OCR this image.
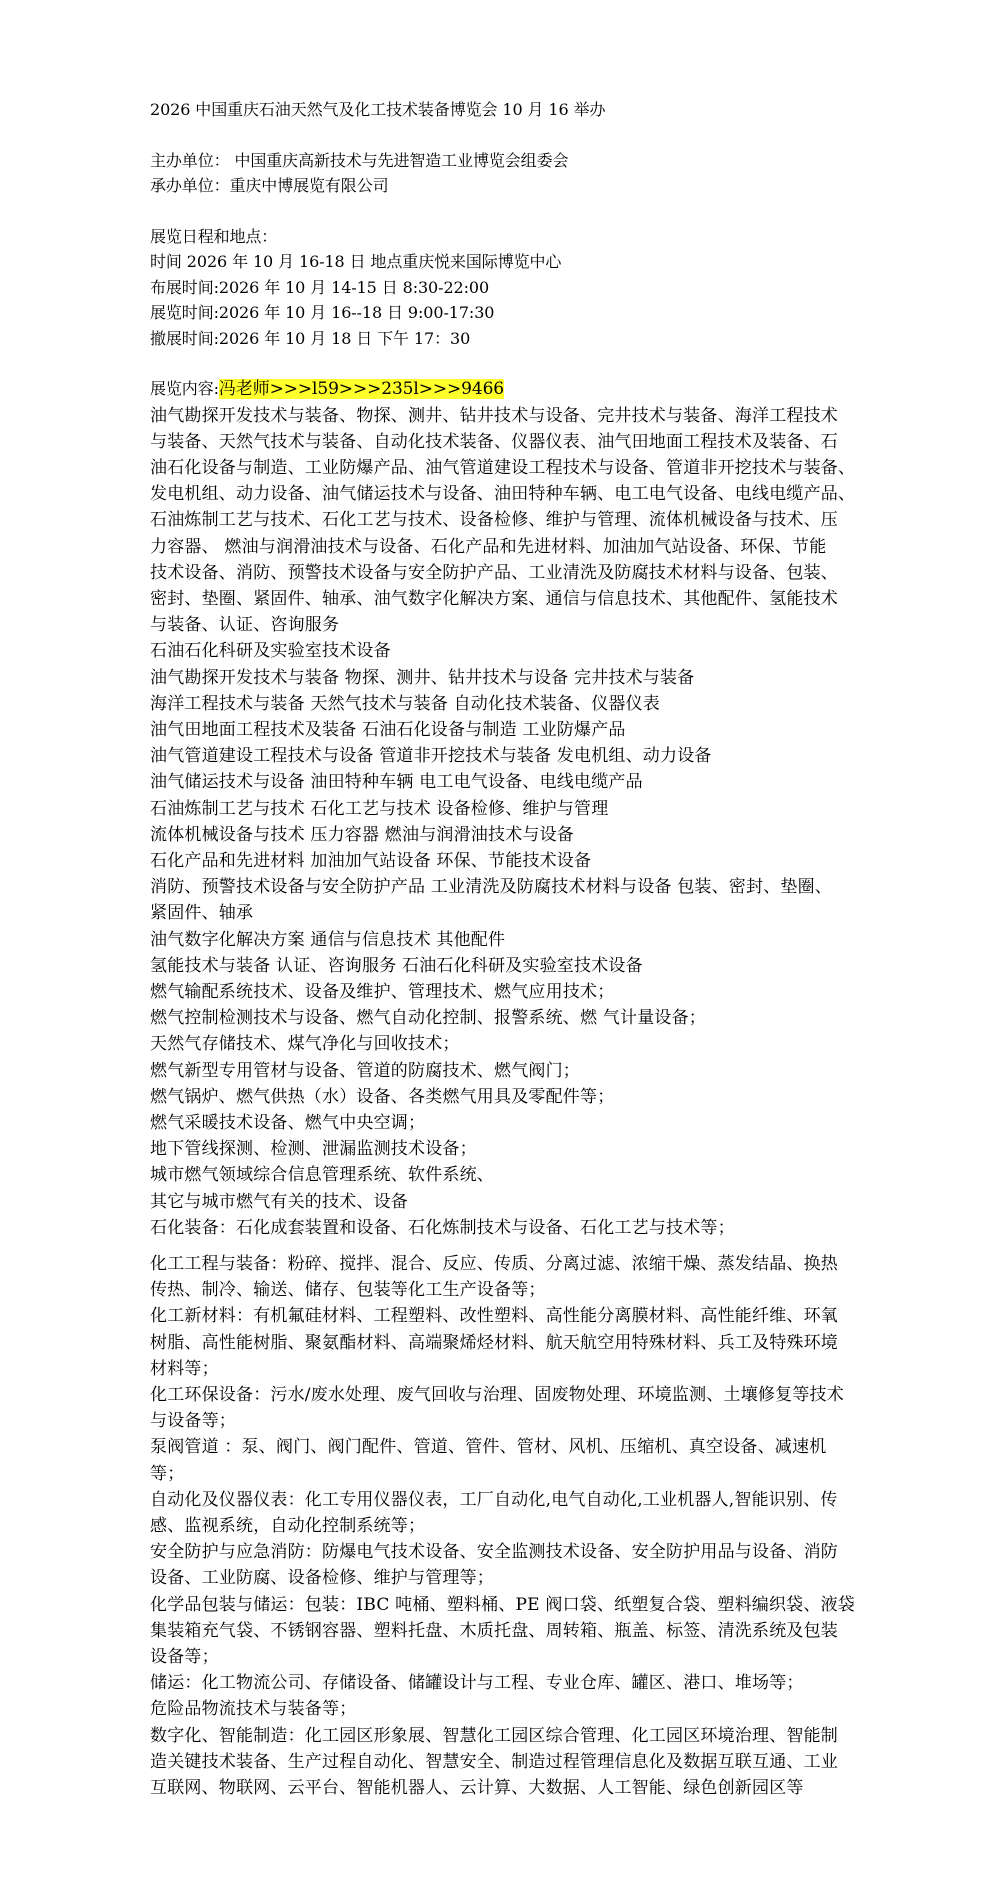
2026 中国重庆石油天然气及化工技术装备博览会 10 月 16 举办
主办单位： 中国重庆高新技术与先进智造工业博览会组委会
承办单位：重庆中博展览有限公司
展览日程和地点：
时间 2026 年 10 月 16-18 日 地点重庆悦来国际博览中心
布展时间:2026 年 10 月 14-15 日 8:30-22:00
展览时间:2026 年 10 月 16--18 日 9:00-17:30
撤展时间:2026 年 10 月 18 日 下午 17：30
展览内容:冯老师>>>l59>>>235l>>>9466
油气勘探开发技术与装备、物探、测井、钻井技术与设备、完井技术与装备、海洋工程技术
与装备、天然气技术与装备、自动化技术装备、仪器仪表、油气田地面工程技术及装备、石
油石化设备与制造、工业防爆产品、油气管道建设工程技术与设备、管道非开挖技术与装备、
发电机组、动力设备、油气储运技术与设备、油田特种车辆、电工电气设备、电线电缆产品、
石油炼制工艺与技术、石化工艺与技术、设备检修、维护与管理、流体机械设备与技术、压
力容器、 燃油与润滑油技术与设备、石化产品和先进材料、加油加气站设备、环保、节能
技术设备、消防、预警技术设备与安全防护产品、工业清洗及防腐技术材料与设备、包装、
密封、垫圈、紧固件、轴承、油气数字化解决方案、通信与信息技术、其他配件、氢能技术
与装备、认证、咨询服务
石油石化科研及实验室技术设备
油气勘探开发技术与装备 物探、测井、钻井技术与设备 完井技术与装备
海洋工程技术与装备 天然气技术与装备 自动化技术装备、仪器仪表
油气田地面工程技术及装备 石油石化设备与制造 工业防爆产品
油气管道建设工程技术与设备 管道非开挖技术与装备 发电机组、动力设备
油气储运技术与设备 油田特种车辆 电工电气设备、电线电缆产品
石油炼制工艺与技术 石化工艺与技术 设备检修、维护与管理
流体机械设备与技术 压力容器 燃油与润滑油技术与设备
石化产品和先进材料 加油加气站设备 环保、节能技术设备
消防、预警技术设备与安全防护产品 工业清洗及防腐技术材料与设备 包装、密封、垫圈、
紧固件、轴承
油气数字化解决方案 通信与信息技术 其他配件
氢能技术与装备 认证、咨询服务 石油石化科研及实验室技术设备
燃气输配系统技术、设备及维护、管理技术、燃气应用技术；
燃气控制检测技术与设备、燃气自动化控制、报警系统、燃 气计量设备；
天然气存储技术、煤气净化与回收技术；
燃气新型专用管材与设备、管道的防腐技术、燃气阀门；
燃气锅炉、燃气供热（水）设备、各类燃气用具及零配件等；
燃气采暖技术设备、燃气中央空调；
地下管线探测、检测、泄漏监测技术设备；
城市燃气领域综合信息管理系统、软件系统、
其它与城市燃气有关的技术、设备
石化装备：石化成套装置和设备、石化炼制技术与设备、石化工艺与技术等；
化工工程与装备：粉碎、搅拌、混合、反应、传质、分离过滤、浓缩干燥、蒸发结晶、换热
传热、制冷、输送、储存、包装等化工生产设备等；
化工新材料：有机氟硅材料、工程塑料、改性塑料、高性能分离膜材料、高性能纤维、环氧
树脂、高性能树脂、聚氨酯材料、高端聚烯烃材料、航天航空用特殊材料、兵工及特殊环境
材料等；
化工环保设备：污水/废水处理、废气回收与治理、固废物处理、环境监测、土壤修复等技术
与设备等；
泵阀管道 ：泵、阀门、阀门配件、管道、管件、管材、风机、压缩机、真空设备、减速机
等；
自动化及仪器仪表：化工专用仪器仪表，工厂自动化,电气自动化,工业机器人,智能识别、传
感、监视系统，自动化控制系统等；
安全防护与应急消防：防爆电气技术设备、安全监测技术设备、安全防护用品与设备、消防
设备、工业防腐、设备检修、维护与管理等；
化学品包装与储运：包装：IBC 吨桶、塑料桶、PE 阀口袋、纸塑复合袋、塑料编织袋、液袋
集装箱充气袋、不锈钢容器、塑料托盘、木质托盘、周转箱、瓶盖、标签、清洗系统及包装
设备等；
储运：化工物流公司、存储设备、储罐设计与工程、专业仓库、罐区、港口、堆场等；
危险品物流技术与装备等；
数字化、智能制造：化工园区形象展、智慧化工园区综合管理、化工园区环境治理、智能制
造关键技术装备、生产过程自动化、智慧安全、制造过程管理信息化及数据互联互通、工业
互联网、物联网、云平台、智能机器人、云计算、大数据、人工智能、绿色创新园区等
